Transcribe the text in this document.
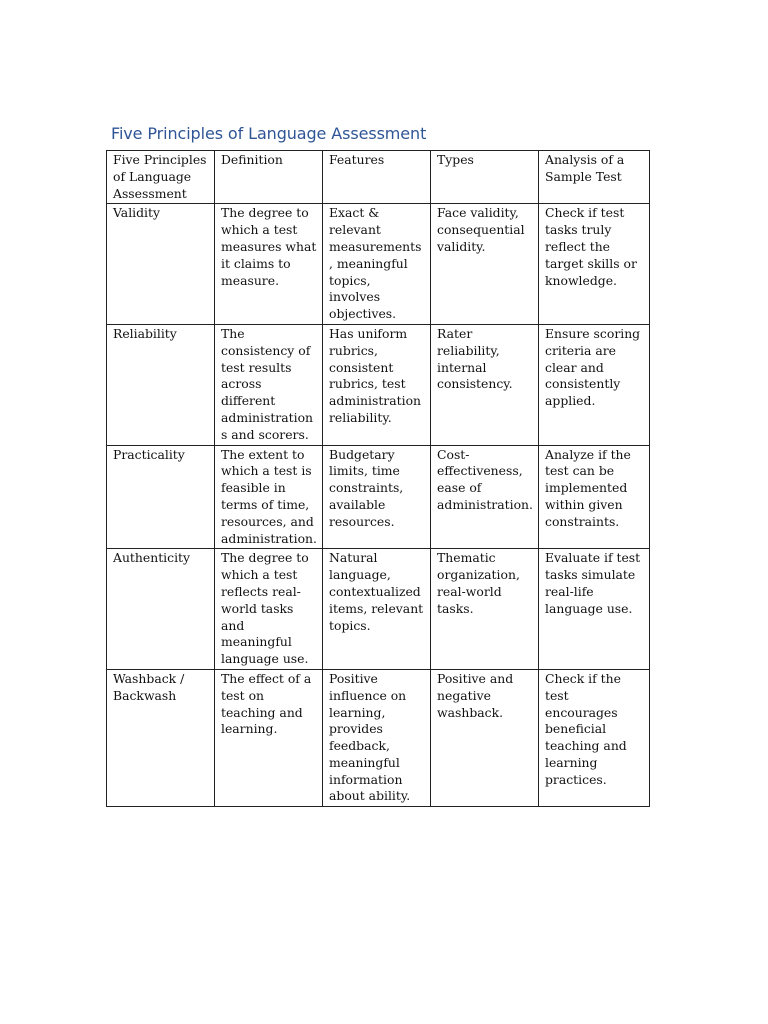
Five Principles of Language Assessment
Five Principles of Language Assessment	Definition	Features	Types	Analysis of a Sample Test
Validity	The degree to which a test measures what it claims to measure.	Exact & relevant measurements, meaningful topics, involves objectives.	Face validity, consequential validity.	Check if test tasks truly reflect the target skills or knowledge.
Reliability	The consistency of test results across different administrations and scorers.	Has uniform rubrics, consistent rubrics, test administration reliability.	Rater reliability, internal consistency.	Ensure scoring criteria are clear and consistently applied.
Practicality	The extent to which a test is feasible in terms of time, resources, and administration.	Budgetary limits, time constraints, available resources.	Cost-effectiveness, ease of administration.	Analyze if the test can be implemented within given constraints.
Authenticity	The degree to which a test reflects real-world tasks and meaningful language use.	Natural language, contextualized items, relevant topics.	Thematic organization, real-world tasks.	Evaluate if test tasks simulate real-life language use.
Washback / Backwash	The effect of a test on teaching and learning.	Positive influence on learning, provides feedback, meaningful information about ability.	Positive and negative washback.	Check if the test encourages beneficial teaching and learning practices.
